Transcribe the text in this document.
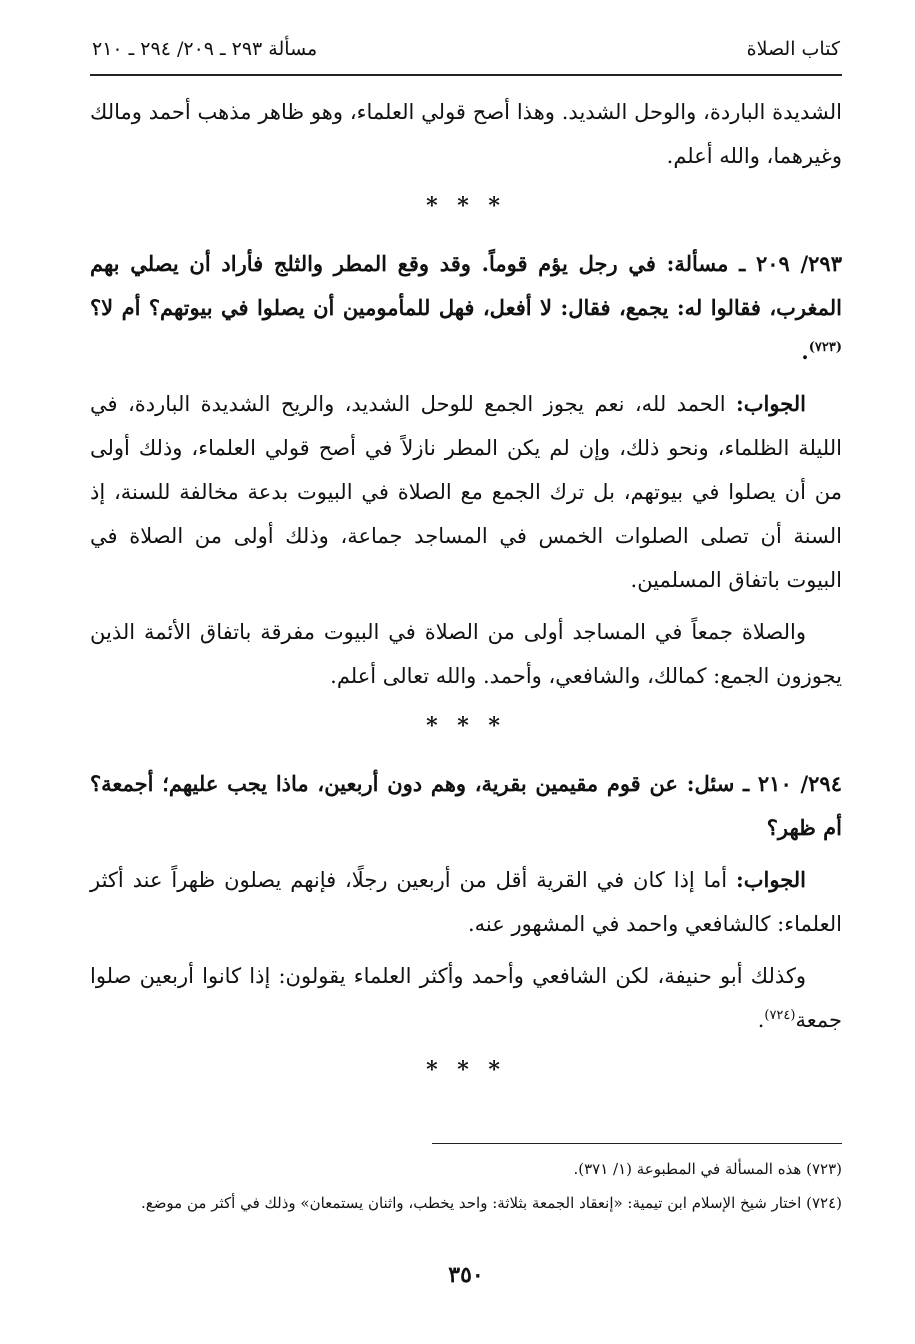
كتاب الصلاة
مسألة ٢٩٣ ـ ٢٠٩/ ٢٩٤ ـ ٢١٠

الشديدة الباردة، والوحل الشديد. وهذا أصح قولي العلماء، وهو ظاهر مذهب أحمد ومالك وغيرهما، والله أعلم.

* * *

٢٩٣/ ٢٠٩ ـ مسألة: في رجل يؤم قوماً. وقد وقع المطر والثلج فأراد أن يصلي بهم المغرب، فقالوا له: يجمع، فقال: لا أفعل، فهل للمأمومين أن يصلوا في بيوتهم؟ أم لا؟$^{(٧٢٣)}$.

الجواب: الحمد لله، نعم يجوز الجمع للوحل الشديد، والريح الشديدة الباردة، في الليلة الظلماء، ونحو ذلك، وإن لم يكن المطر نازلاً في أصح قولي العلماء، وذلك أولى من أن يصلوا في بيوتهم، بل ترك الجمع مع الصلاة في البيوت بدعة مخالفة للسنة، إذ السنة أن تصلى الصلوات الخمس في المساجد جماعة، وذلك أولى من الصلاة في البيوت باتفاق المسلمين.

والصلاة جمعاً في المساجد أولى من الصلاة في البيوت مفرقة باتفاق الأئمة الذين يجوزون الجمع: كمالك، والشافعي، وأحمد. والله تعالى أعلم.

* * *

٢٩٤/ ٢١٠ ـ سئل: عن قوم مقيمين بقرية، وهم دون أربعين، ماذا يجب عليهم؛ أجمعة؟ أم ظهر؟

الجواب: أما إذا كان في القرية أقل من أربعين رجلًا، فإنهم يصلون ظهراً عند أكثر العلماء: كالشافعي واحمد في المشهور عنه.

وكذلك أبو حنيفة، لكن الشافعي وأحمد وأكثر العلماء يقولون: إذا كانوا أربعين صلوا جمعة$^{(٧٢٤)}$.

* * *

(٧٢٣) هذه المسألة في المطبوعة (١/ ٣٧١).

(٧٢٤) اختار شيخ الإسلام ابن تيمية: «إنعقاد الجمعة بثلاثة: واحد يخطب، واثنان يستمعان» وذلك في أكثر من موضع.

٣٥٠
